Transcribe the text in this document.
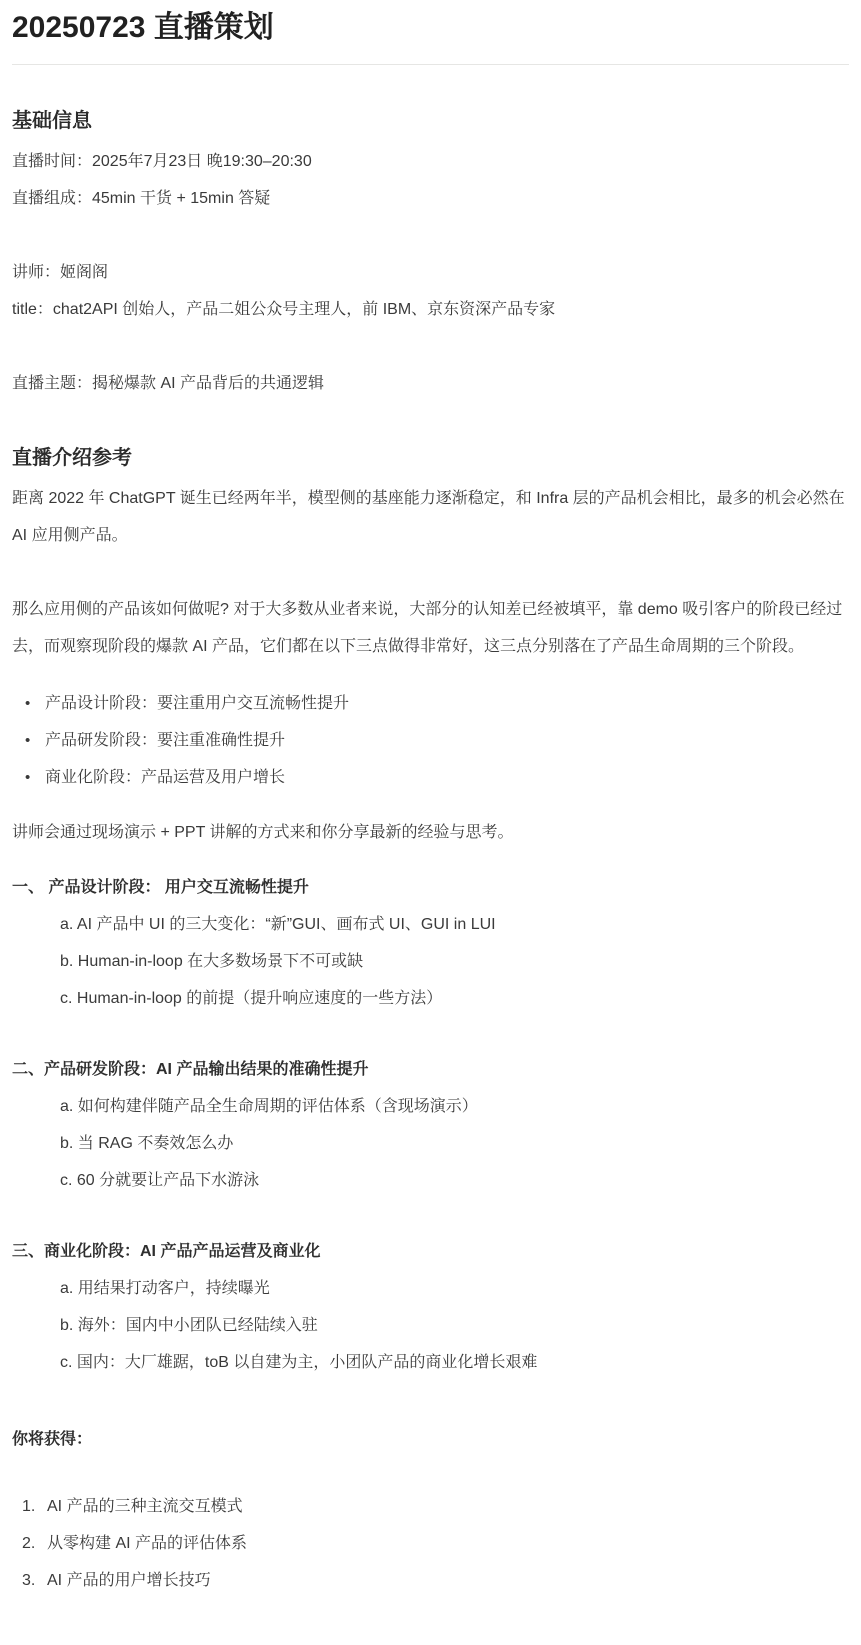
20250723 直播策划
基础信息

直播时间：2025年7月23日 晚19:30–20:30

直播组成：45min 干货 + 15min 答疑

讲师：姬阁阁

title：chat2API 创始人，产品二姐公众号主理人，前 IBM、京东资深产品专家

直播主题：揭秘爆款 AI 产品背后的共通逻辑

直播介绍参考

距离 2022 年 ChatGPT 诞生已经两年半，模型侧的基座能力逐渐稳定，和 Infra 层的产品机会相比，最多的机会必然在 AI 应用侧产品。

那么应用侧的产品该如何做呢? 对于大多数从业者来说，大部分的认知差已经被填平，靠 demo 吸引客户的阶段已经过去，而观察现阶段的爆款 AI 产品，它们都在以下三点做得非常好，这三点分别落在了产品生命周期的三个阶段。

• 产品设计阶段：要注重用户交互流畅性提升
• 产品研发阶段：要注重准确性提升
• 商业化阶段：产品运营及用户增长

讲师会通过现场演示 + PPT 讲解的方式来和你分享最新的经验与思考。

一、 产品设计阶段： 用户交互流畅性提升

a. AI 产品中 UI 的三大变化：“新”GUI、画布式 UI、GUI in LUI
b. Human-in-loop 在大多数场景下不可或缺
c. Human-in-loop 的前提（提升响应速度的一些方法）

二、产品研发阶段：AI 产品输出结果的准确性提升

a. 如何构建伴随产品全生命周期的评估体系（含现场演示）
b. 当 RAG 不奏效怎么办
c. 60 分就要让产品下水游泳

三、商业化阶段：AI 产品产品运营及商业化

a. 用结果打动客户，持续曝光
b. 海外：国内中小团队已经陆续入驻
c. 国内：大厂雄踞，toB 以自建为主，小团队产品的商业化增长艰难

你将获得：

1. AI 产品的三种主流交互模式
2. 从零构建 AI 产品的评估体系
3. AI 产品的用户增长技巧
